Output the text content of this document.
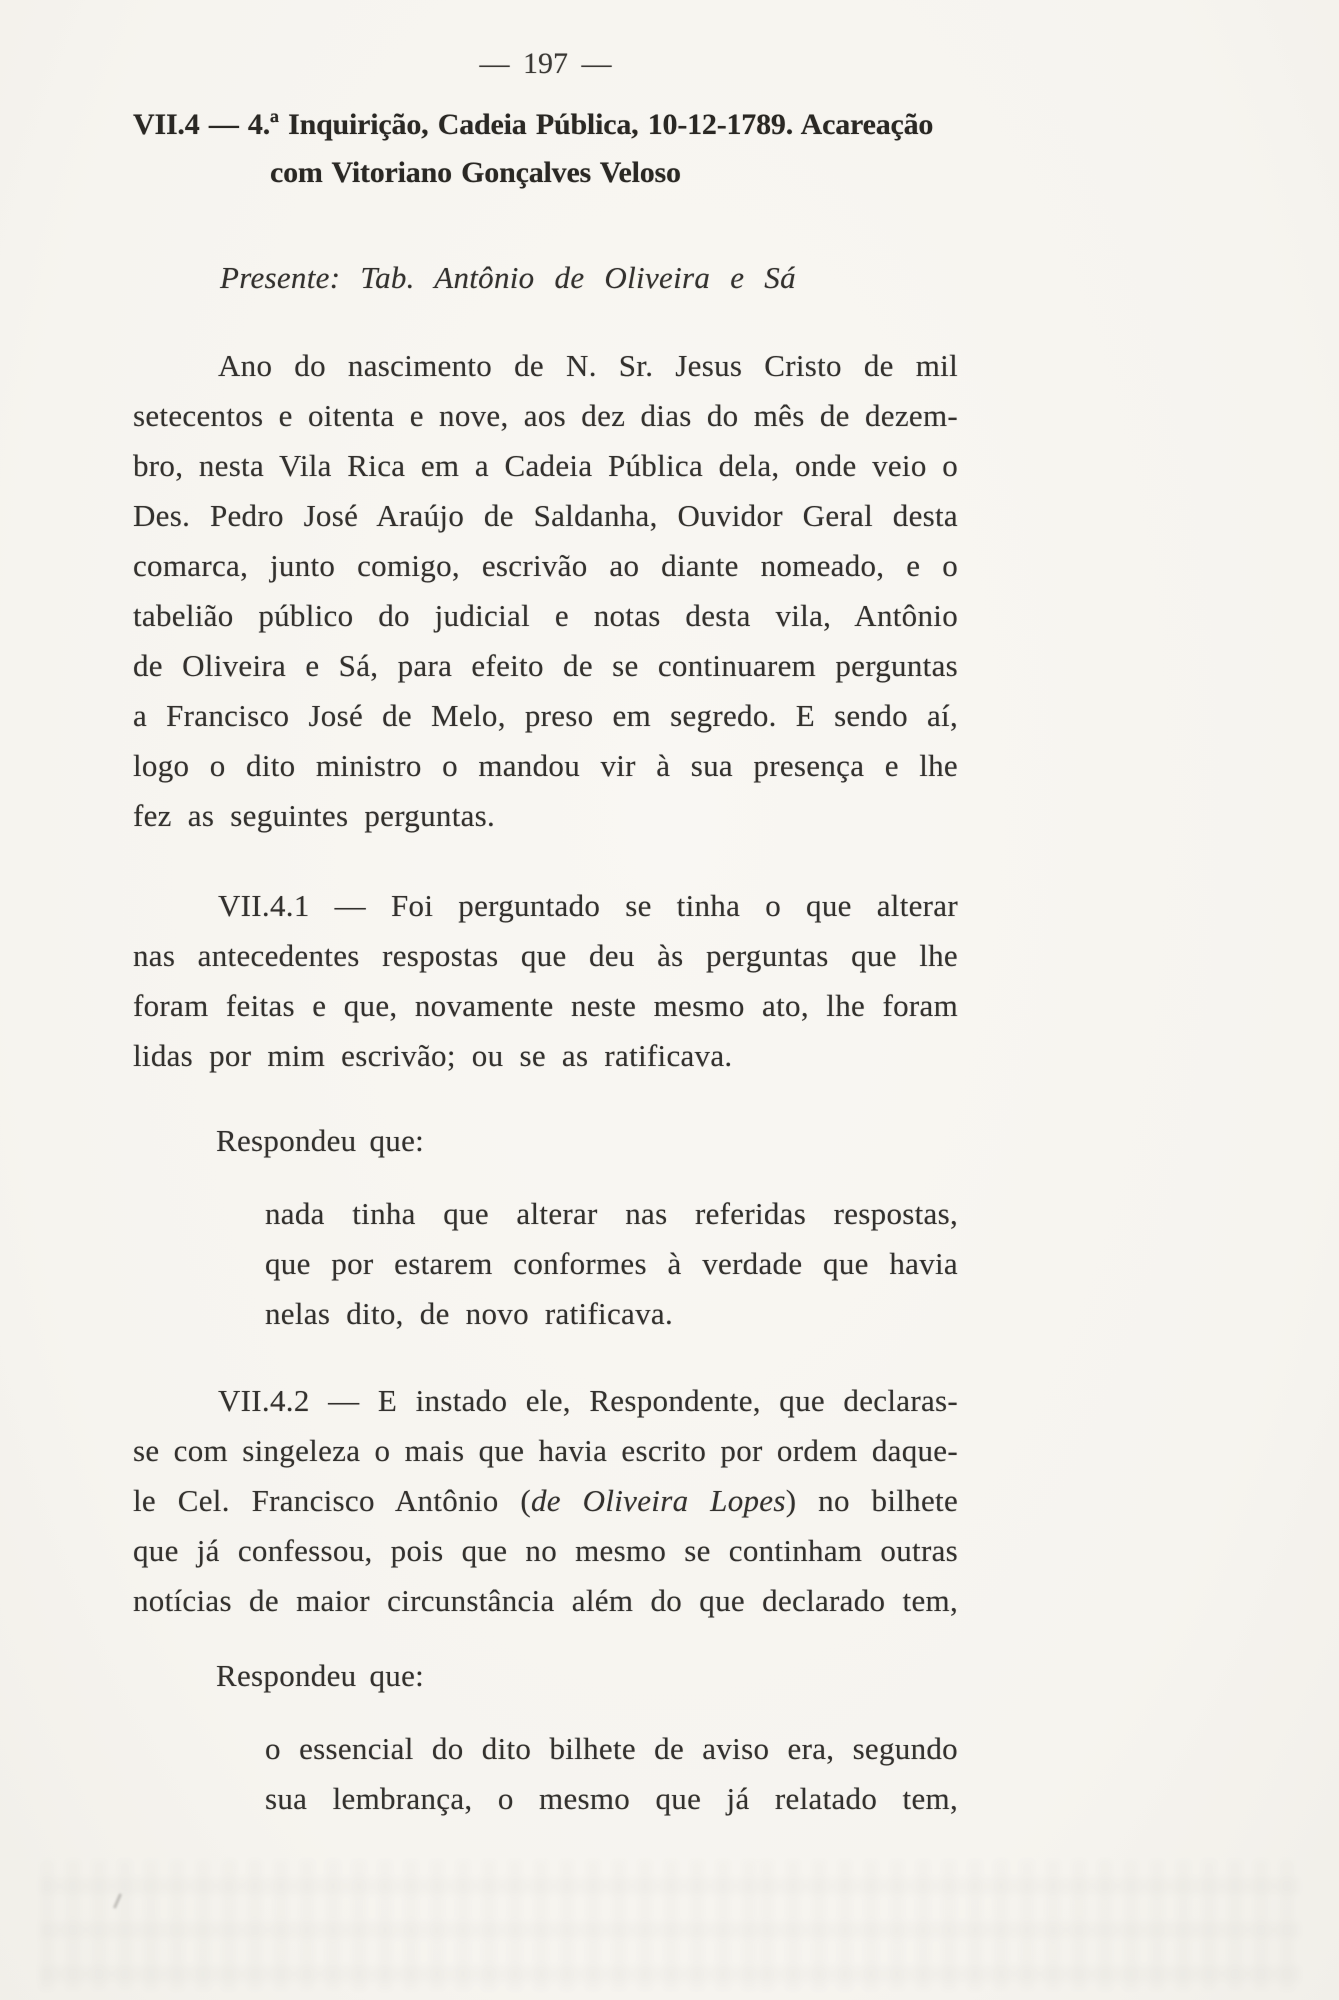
— 197 —
VII.4 — 4.ª Inquirição, Cadeia Pública, 10-12-1789. Acareação
com Vitoriano Gonçalves Veloso
Presente: Tab. Antônio de Oliveira e Sá
Ano do nascimento de N. Sr. Jesus Cristo de mil
setecentos e oitenta e nove, aos dez dias do mês de dezem-
bro, nesta Vila Rica em a Cadeia Pública dela, onde veio o
Des. Pedro José Araújo de Saldanha, Ouvidor Geral desta
comarca, junto comigo, escrivão ao diante nomeado, e o
tabelião público do judicial e notas desta vila, Antônio
de Oliveira e Sá, para efeito de se continuarem perguntas
a Francisco José de Melo, preso em segredo. E sendo aí,
logo o dito ministro o mandou vir à sua presença e lhe
fez as seguintes perguntas.
VII.4.1 — Foi perguntado se tinha o que alterar
nas antecedentes respostas que deu às perguntas que lhe
foram feitas e que, novamente neste mesmo ato, lhe foram
lidas por mim escrivão; ou se as ratificava.
Respondeu que:
nada tinha que alterar nas referidas respostas,
que por estarem conformes à verdade que havia
nelas dito, de novo ratificava.
VII.4.2 — E instado ele, Respondente, que declaras-
se com singeleza o mais que havia escrito por ordem daque-
le Cel. Francisco Antônio (de Oliveira Lopes) no bilhete
que já confessou, pois que no mesmo se continham outras
notícias de maior circunstância além do que declarado tem,
Respondeu que:
o essencial do dito bilhete de aviso era, segundo
sua lembrança, o mesmo que já relatado tem,
